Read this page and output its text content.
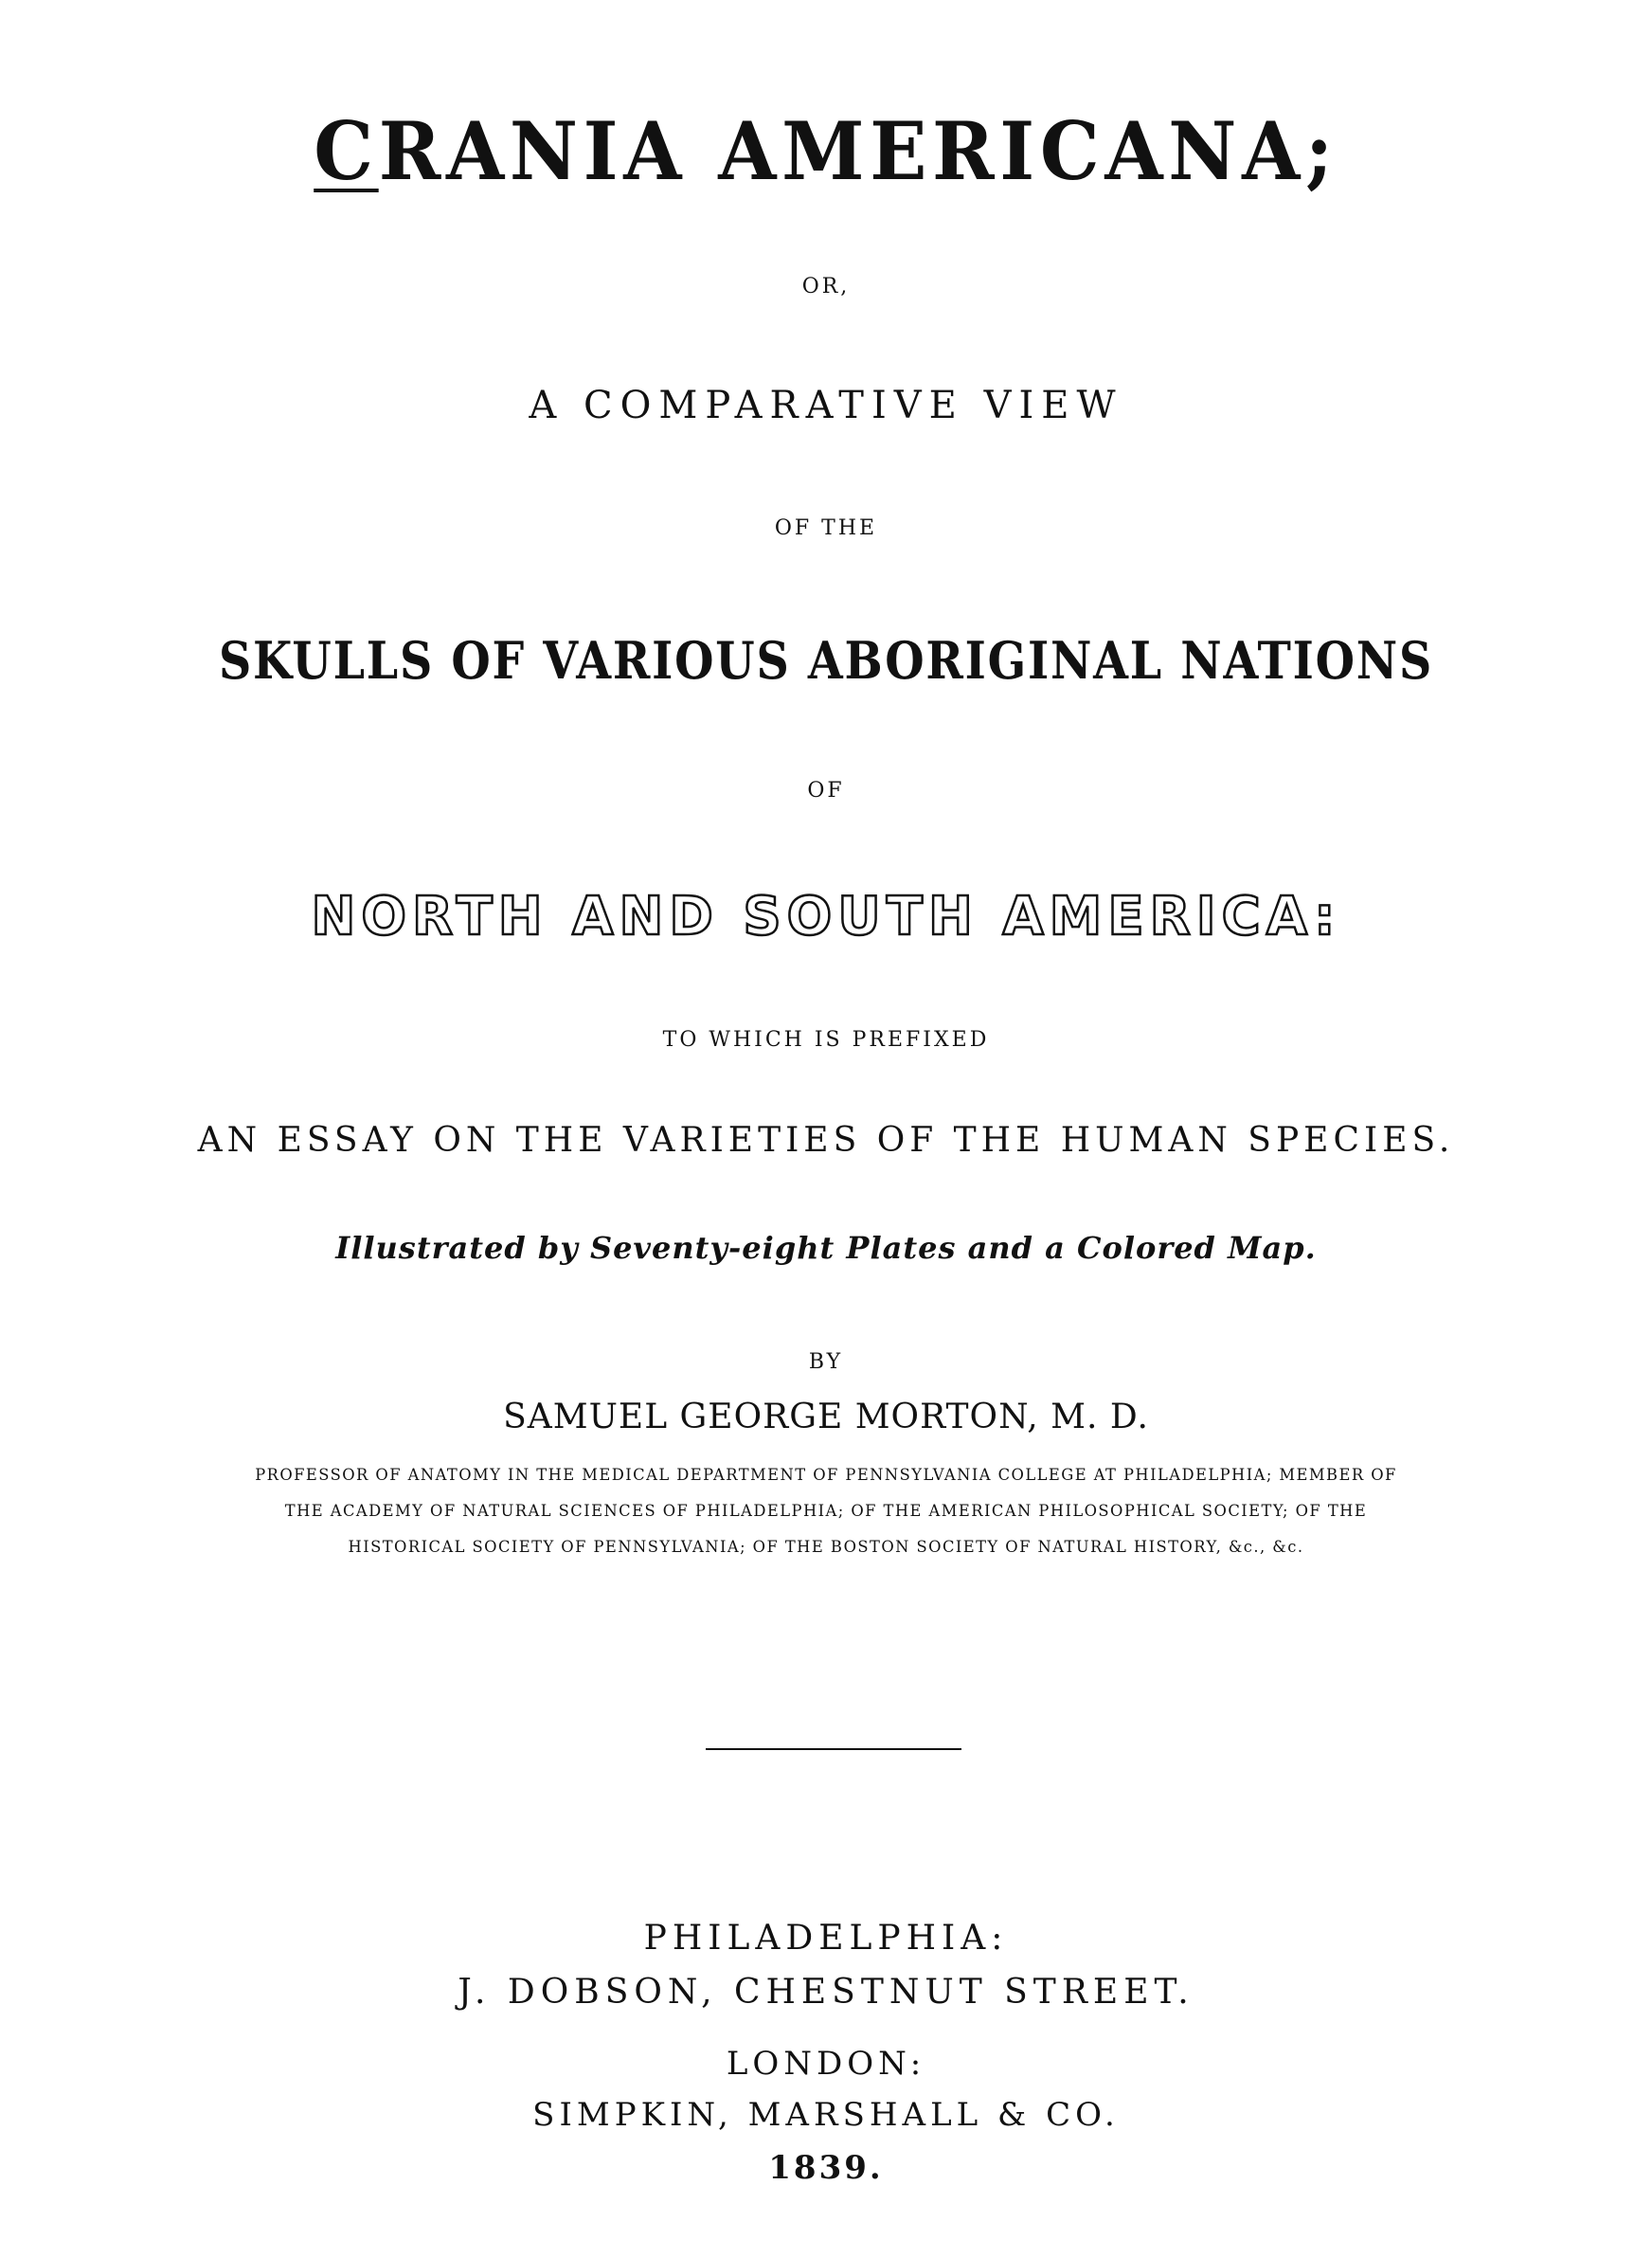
CRANIA AMERICANA;
OR,
A COMPARATIVE VIEW
OF THE
SKULLS OF VARIOUS ABORIGINAL NATIONS
OF
NORTH AND SOUTH AMERICA:
TO WHICH IS PREFIXED
AN ESSAY ON THE VARIETIES OF THE HUMAN SPECIES.
Illustrated by Seventy-eight Plates and a Colored Map.
BY
SAMUEL GEORGE MORTON, M. D.
PROFESSOR OF ANATOMY IN THE MEDICAL DEPARTMENT OF PENNSYLVANIA COLLEGE AT PHILADELPHIA; MEMBER OF
THE ACADEMY OF NATURAL SCIENCES OF PHILADELPHIA; OF THE AMERICAN PHILOSOPHICAL SOCIETY; OF THE
HISTORICAL SOCIETY OF PENNSYLVANIA; OF THE BOSTON SOCIETY OF NATURAL HISTORY, &c., &c.
PHILADELPHIA:
J. DOBSON, CHESTNUT STREET.
LONDON:
SIMPKIN, MARSHALL & CO.
1839.
